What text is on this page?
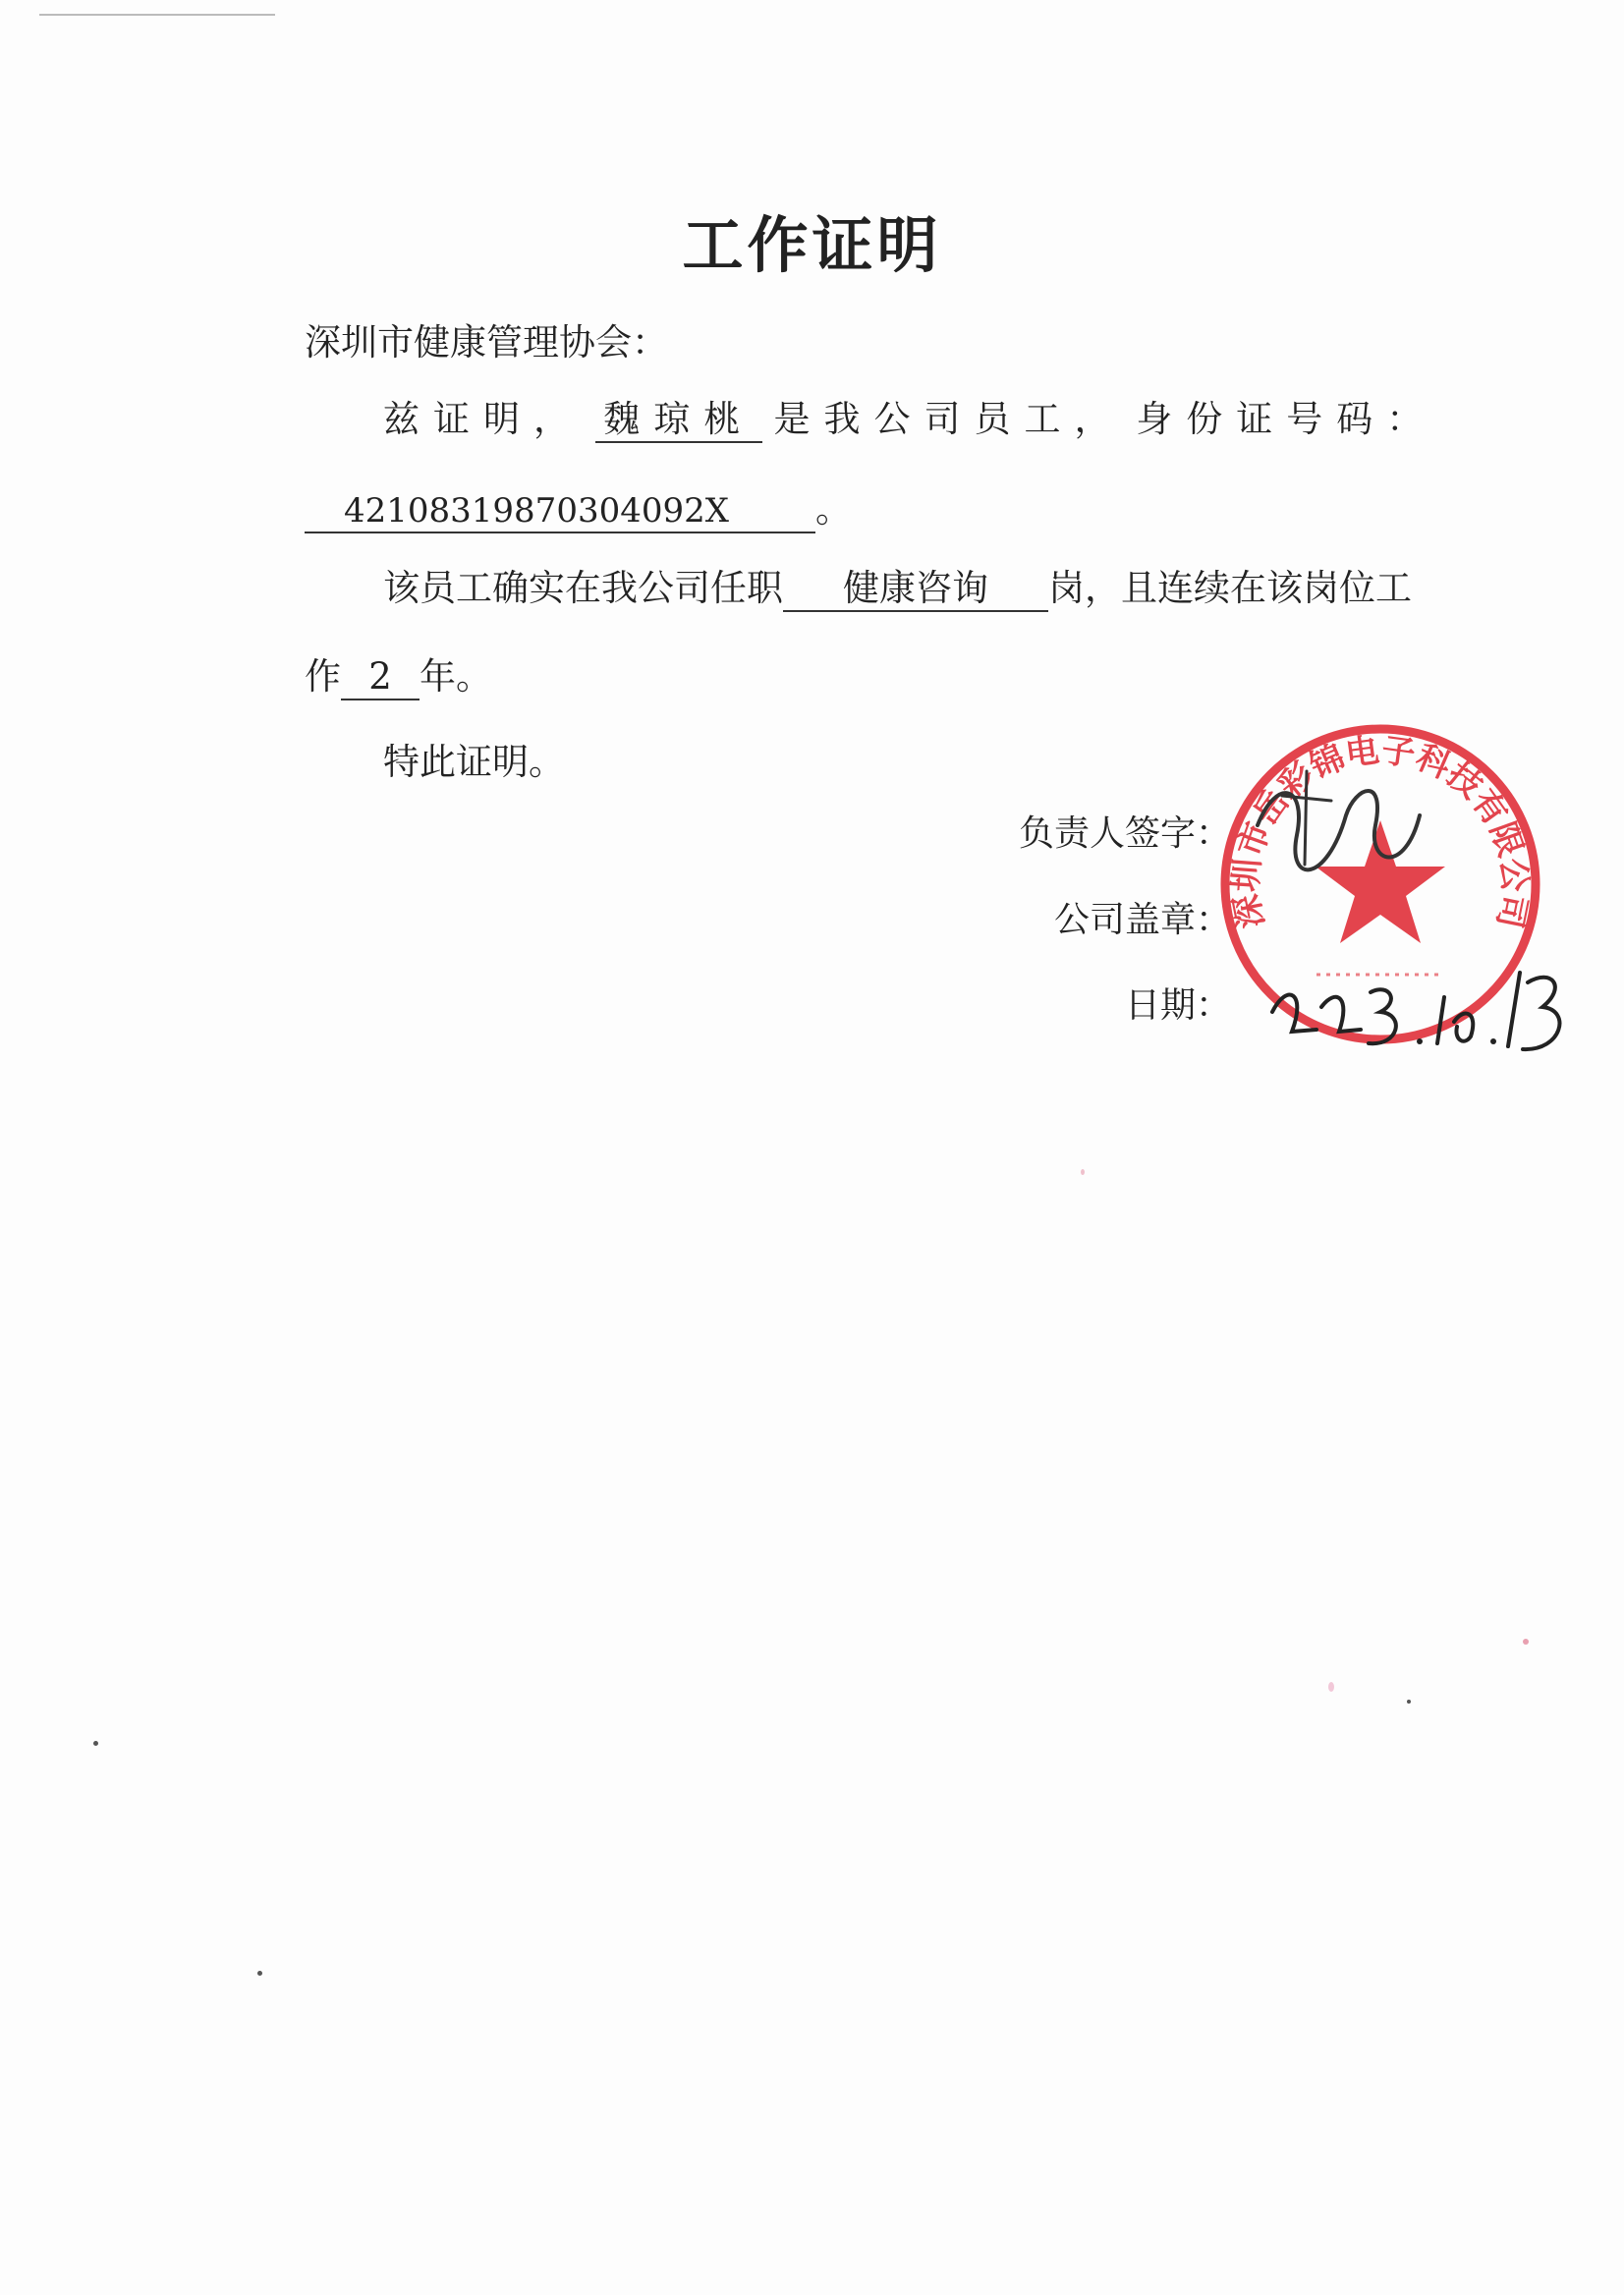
工作证明
深圳市健康管理协会：
兹证明， 魏琼桃 是我公司员工， 身份证号码：
42108319870304092X 。
该员工确实在我公司任职 健康咨询 岗，且连续在该岗位工
作 2 年。
特此证明。
负责人签字：
公司盖章：
日期：
深圳市岳彩锦电子科技有限公司
